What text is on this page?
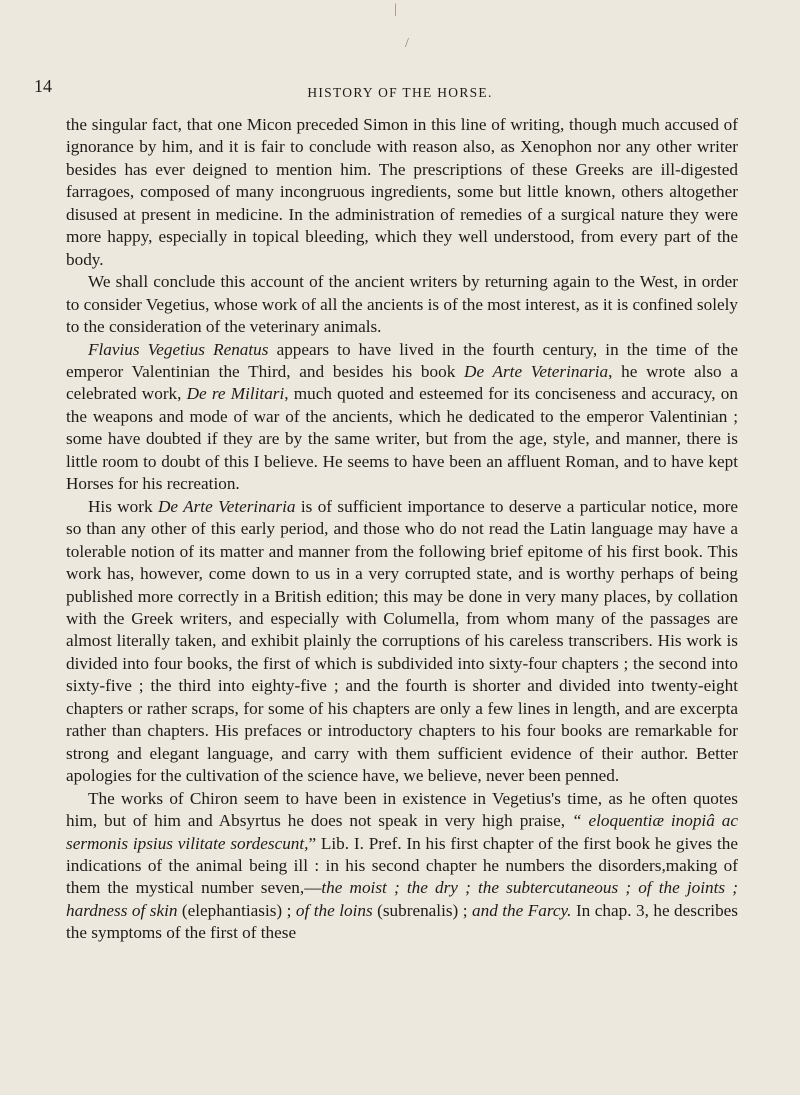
14	HISTORY OF THE HORSE.
|
/

the singular fact, that one Micon preceded Simon in this line of writing, though much accused of ignorance by him, and it is fair to conclude with reason also, as Xenophon nor any other writer besides has ever deigned to mention him. The prescriptions of these Greeks are ill-digested farragoes, composed of many incongruous ingredients, some but little known, others altogether disused at present in medicine. In the administration of remedies of a surgical nature they were more happy, especially in topical bleeding, which they well understood, from every part of the body.

We shall conclude this account of the ancient writers by returning again to the West, in order to consider Vegetius, whose work of all the ancients is of the most interest, as it is confined solely to the consideration of the veterinary animals.

Flavius Vegetius Renatus appears to have lived in the fourth century, in the time of the emperor Valentinian the Third, and besides his book De Arte Veterinaria, he wrote also a celebrated work, De re Militari, much quoted and esteemed for its conciseness and accuracy, on the weapons and mode of war of the ancients, which he dedicated to the emperor Valentinian ; some have doubted if they are by the same writer, but from the age, style, and manner, there is little room to doubt of this I believe. He seems to have been an affluent Roman, and to have kept Horses for his recreation.

His work De Arte Veterinaria is of sufficient importance to deserve a particular notice, more so than any other of this early period, and those who do not read the Latin language may have a tolerable notion of its matter and manner from the following brief epitome of his first book. This work has, however, come down to us in a very corrupted state, and is worthy perhaps of being published more correctly in a British edition; this may be done in very many places, by collation with the Greek writers, and especially with Columella, from whom many of the passages are almost literally taken, and exhibit plainly the corruptions of his careless transcribers. His work is divided into four books, the first of which is subdivided into sixty-four chapters ; the second into sixty-five ; the third into eighty-five ; and the fourth is shorter and divided into twenty-eight chapters or rather scraps, for some of his chapters are only a few lines in length, and are excerpta rather than chapters. His prefaces or introductory chapters to his four books are remarkable for strong and elegant language, and carry with them sufficient evidence of their author. Better apologies for the cultivation of the science have, we believe, never been penned.

The works of Chiron seem to have been in existence in Vegetius's time, as he often quotes him, but of him and Absyrtus he does not speak in very high praise, “ eloquentiæ inopiâ ac sermonis ipsius vilitate sordescunt,” Lib. I. Pref. In his first chapter of the first book he gives the indications of the animal being ill : in his second chapter he numbers the disorders,making of them the mystical number seven,—the moist ; the dry ; the subtercutaneous ; of the joints ; hardness of skin (elephantiasis) ; of the loins (subrenalis) ; and the Farcy. In chap. 3, he describes the symptoms of the first of these
